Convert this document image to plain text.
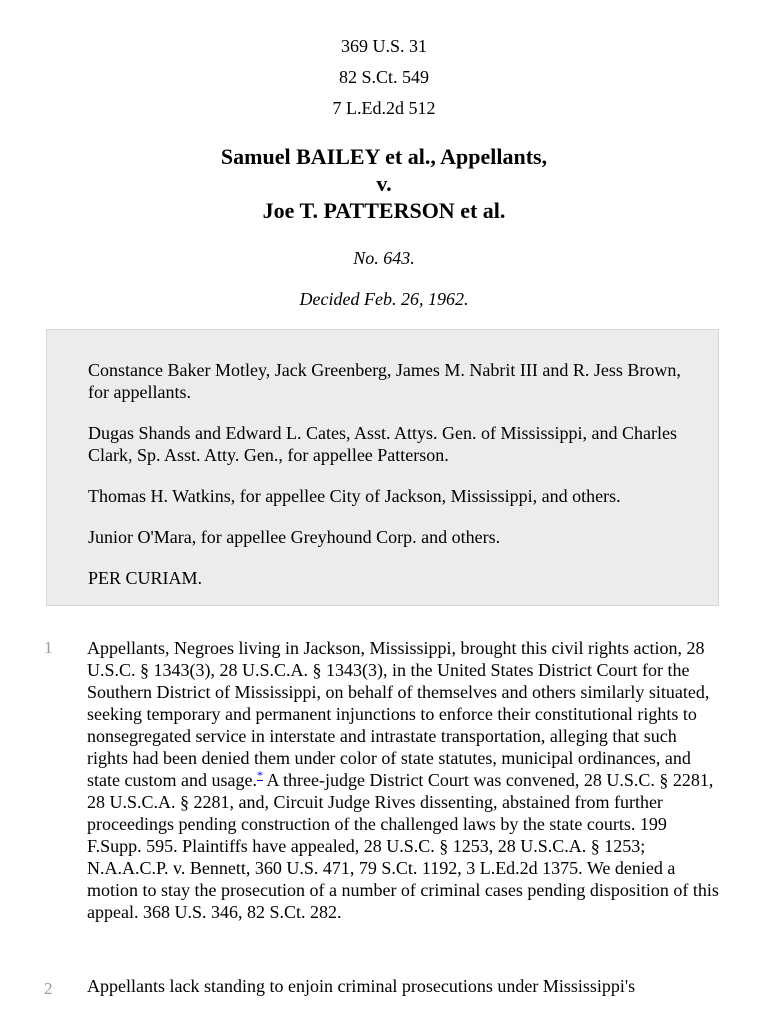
369 U.S. 31
82 S.Ct. 549
7 L.Ed.2d 512
Samuel BAILEY et al., Appellants,
v.
Joe T. PATTERSON et al.
No. 643.
Decided Feb. 26, 1962.
Constance Baker Motley, Jack Greenberg, James M. Nabrit III and R. Jess Brown, for appellants.
Dugas Shands and Edward L. Cates, Asst. Attys. Gen. of Mississippi, and Charles Clark, Sp. Asst. Atty. Gen., for appellee Patterson.
Thomas H. Watkins, for appellee City of Jackson, Mississippi, and others.
Junior O'Mara, for appellee Greyhound Corp. and others.
PER CURIAM.
1 Appellants, Negroes living in Jackson, Mississippi, brought this civil rights action, 28 U.S.C. § 1343(3), 28 U.S.C.A. § 1343(3), in the United States District Court for the Southern District of Mississippi, on behalf of themselves and others similarly situated, seeking temporary and permanent injunctions to enforce their constitutional rights to nonsegregated service in interstate and intrastate transportation, alleging that such rights had been denied them under color of state statutes, municipal ordinances, and state custom and usage.* A three-judge District Court was convened, 28 U.S.C. § 2281, 28 U.S.C.A. § 2281, and, Circuit Judge Rives dissenting, abstained from further proceedings pending construction of the challenged laws by the state courts. 199 F.Supp. 595. Plaintiffs have appealed, 28 U.S.C. § 1253, 28 U.S.C.A. § 1253; N.A.A.C.P. v. Bennett, 360 U.S. 471, 79 S.Ct. 1192, 3 L.Ed.2d 1375. We denied a motion to stay the prosecution of a number of criminal cases pending disposition of this appeal. 368 U.S. 346, 82 S.Ct. 282.
2 Appellants lack standing to enjoin criminal prosecutions under Mississippi's
